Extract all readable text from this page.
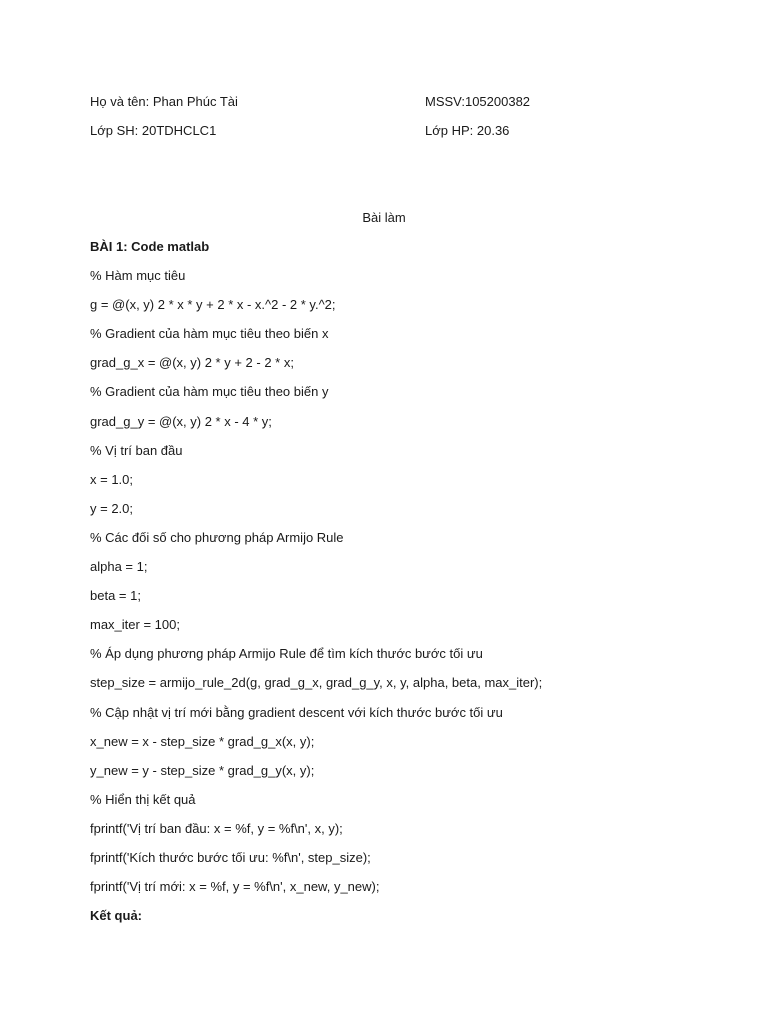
Họ và tên: Phan Phúc Tài	MSSV:105200382
Lớp SH: 20TDHCLC1	Lớp HP: 20.36
Bài làm
BÀI 1: Code matlab
% Hàm mục tiêu
g = @(x, y) 2 * x * y + 2 * x - x.^2 - 2 * y.^2;
% Gradient của hàm mục tiêu theo biến x
grad_g_x = @(x, y) 2 * y + 2 - 2 * x;
% Gradient của hàm mục tiêu theo biến y
grad_g_y = @(x, y) 2 * x - 4 * y;
% Vị trí ban đầu
x = 1.0;
y = 2.0;
% Các đối số cho phương pháp Armijo Rule
alpha = 1;
beta = 1;
max_iter = 100;
% Áp dụng phương pháp Armijo Rule để tìm kích thước bước tối ưu
step_size = armijo_rule_2d(g, grad_g_x, grad_g_y, x, y, alpha, beta, max_iter);
% Cập nhật vị trí mới bằng gradient descent với kích thước bước tối ưu
x_new = x - step_size * grad_g_x(x, y);
y_new = y - step_size * grad_g_y(x, y);
% Hiển thị kết quả
fprintf('Vị trí ban đầu: x = %f, y = %f\n', x, y);
fprintf('Kích thước bước tối ưu: %f\n', step_size);
fprintf('Vị trí mới: x = %f, y = %f\n', x_new, y_new);
Kết quả:
